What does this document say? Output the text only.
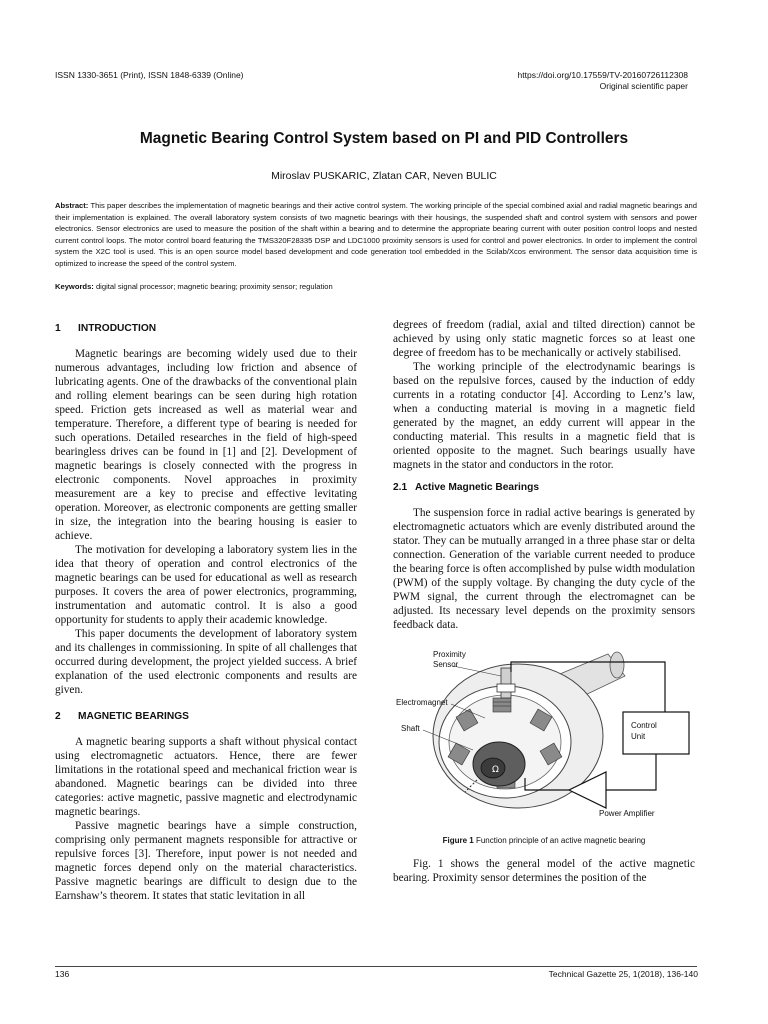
ISSN 1330-3651 (Print), ISSN 1848-6339 (Online)	https://doi.org/10.17559/TV-20160726112308
Original scientific paper
Magnetic Bearing Control System based on PI and PID Controllers
Miroslav PUSKARIC, Zlatan CAR, Neven BULIC
Abstract: This paper describes the implementation of magnetic bearings and their active control system. The working principle of the special combined axial and radial magnetic bearings and their implementation is explained. The overall laboratory system consists of two magnetic bearings with their housings, the suspended shaft and control system with sensors and power electronics. Sensor electronics are used to measure the position of the shaft within a bearing and to determine the appropriate bearing current with outer position control loops and nested current control loops. The motor control board featuring the TMS320F28335 DSP and LDC1000 proximity sensors is used for control and power electronics. In order to implement the control system the X2C tool is used. This is an open source model based development and code generation tool embedded in the Scilab/Xcos environment. The sensor data acquisition time is optimized to increase the speed of the control system.
Keywords: digital signal processor; magnetic bearing; proximity sensor; regulation
1 INTRODUCTION

Magnetic bearings are becoming widely used due to their numerous advantages, including low friction and absence of lubricating agents. One of the drawbacks of the conventional plain and rolling element bearings can be seen during high rotation speed. Friction gets increased as well as material wear and temperature. Therefore, a different type of bearing is needed for such operations. Detailed researches in the field of high-speed bearingless drives can be found in [1] and [2]. Development of magnetic bearings is closely connected with the progress in electronic components. Novel approaches in proximity measurement are a key to precise and effective levitating operation. Moreover, as electronic components are getting smaller in size, the integration into the bearing housing is easier to achieve.

The motivation for developing a laboratory system lies in the idea that theory of operation and control electronics of the magnetic bearings can be used for educational as well as research purposes. It covers the area of power electronics, programming, instrumentation and automatic control. It is also a good opportunity for students to apply their academic knowledge.

This paper documents the development of laboratory system and its challenges in commissioning. In spite of all challenges that occurred during development, the project yielded success. A brief explanation of the used electronic components and results are given.

2 MAGNETIC BEARINGS

A magnetic bearing supports a shaft without physical contact using electromagnetic actuators. Hence, there are fewer limitations in the rotational speed and mechanical friction wear is abandoned. Magnetic bearings can be divided into three categories: active magnetic, passive magnetic and electrodynamic magnetic bearings.

Passive magnetic bearings have a simple construction, comprising only permanent magnets responsible for attractive or repulsive forces [3]. Therefore, input power is not needed and magnetic forces depend only on the material characteristics. Passive magnetic bearings are difficult to design due to the Earnshaw’s theorem. It states that static levitation in all

degrees of freedom (radial, axial and tilted direction) cannot be achieved by using only static magnetic forces so at least one degree of freedom has to be mechanically or actively stabilised.

The working principle of the electrodynamic bearings is based on the repulsive forces, caused by the induction of eddy currents in a rotating conductor [4]. According to Lenz’s law, when a conducting material is moving in a magnetic field generated by the magnet, an eddy current will appear in the conducting material. This results in a magnetic field that is oriented opposite to the magnet. Such bearings usually have magnets in the stator and conductors in the rotor.

2.1 Active Magnetic Bearings

The suspension force in radial active bearings is generated by electromagnetic actuators which are evenly distributed around the stator. They can be mutually arranged in a three phase star or delta connection. Generation of the variable current needed to produce the bearing force is often accomplished by pulse width modulation (PWM) of the supply voltage. By changing the duty cycle of the PWM signal, the current through the electromagnet can be adjusted. Its necessary level depends on the proximity sensors feedback data.

Ω
Proximity
Sensor
Electromagnet
Shaft	Control
Unit
Power Amplifier
Figure 1 Function principle of an active magnetic bearing

Fig. 1 shows the general model of the active magnetic bearing. Proximity sensor determines the position of the

136	Technical Gazette 25, 1(2018), 136-140
